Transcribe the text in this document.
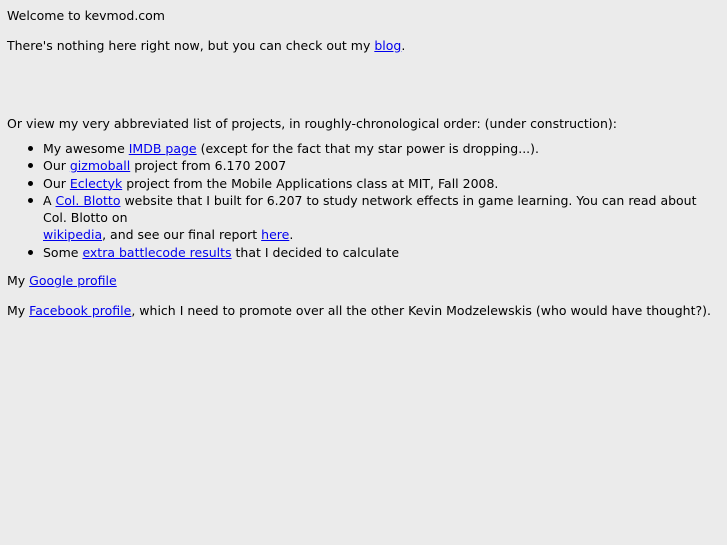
Welcome to kevmod.com

There's nothing here right now, but you can check out my blog.

Or view my very abbreviated list of projects, in roughly-chronological order: (under construction):

My awesome IMDB page (except for the fact that my star power is dropping...).
Our gizmoball project from 6.170 2007
Our Eclectyk project from the Mobile Applications class at MIT, Fall 2008.
A Col. Blotto website that I built for 6.207 to study network effects in game learning. You can read about Col. Blotto on
wikipedia, and see our final report here.
Some extra battlecode results that I decided to calculate

My Google profile

My Facebook profile, which I need to promote over all the other Kevin Modzelewskis (who would have thought?).
